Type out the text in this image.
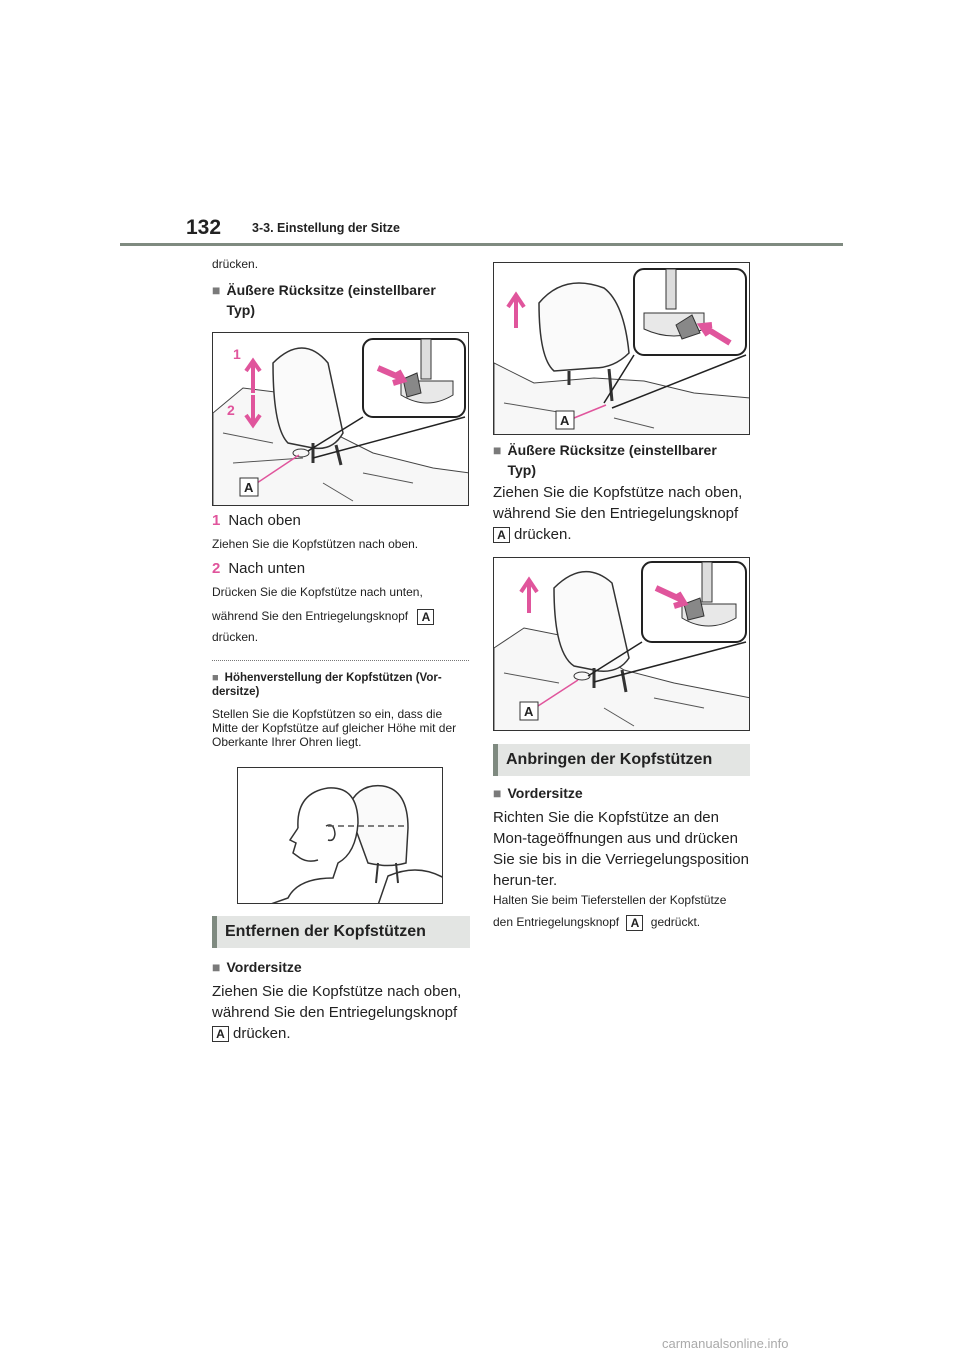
132 3-3. Einstellung der Sitze
drücken.
■ Äußere Rücksitze (einstellbarer Typ)
1
2
A
1 Nach oben
Ziehen Sie die Kopfstützen nach oben.
2 Nach unten
Drücken Sie die Kopfstütze nach unten,
während Sie den Entriegelungsknopf A
drücken.
■ Höhenverstellung der Kopfstützen (Vor-dersitze)
Stellen Sie die Kopfstützen so ein, dass die Mitte der Kopfstütze auf gleicher Höhe mit der Oberkante Ihrer Ohren liegt.
Entfernen der Kopfstützen
■ Vordersitze
Ziehen Sie die Kopfstütze nach oben,
während Sie den Entriegelungsknopf
A drücken.
A
■ Äußere Rücksitze (einstellbarer Typ)
Ziehen Sie die Kopfstütze nach oben,
während Sie den Entriegelungsknopf
A drücken.
A
Anbringen der Kopfstützen
■ Vordersitze
Richten Sie die Kopfstütze an den Mon-tageöffnungen aus und drücken Sie sie bis in die Verriegelungsposition herun-ter.
Halten Sie beim Tieferstellen der Kopfstütze
den Entriegelungsknopf A gedrückt.
carmanualsonline.info
